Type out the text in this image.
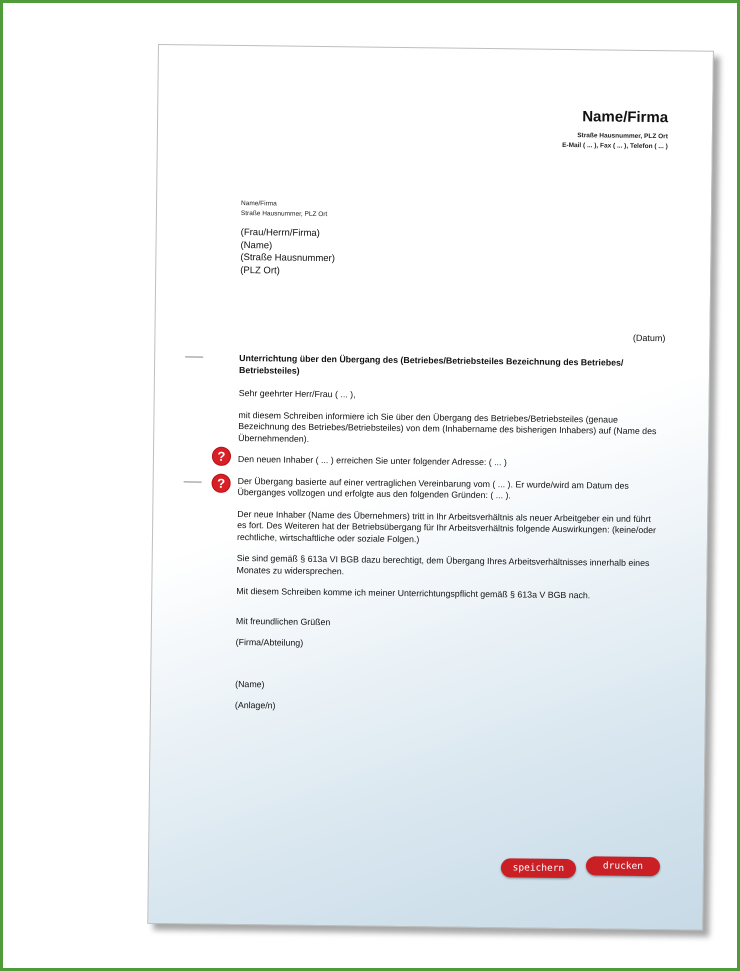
Name/Firma
Straße Hausnummer, PLZ Ort
E-Mail ( ... ), Fax ( ... ), Telefon ( ... )
Name/Firma
Straße Hausnummer, PLZ Ort
(Frau/Herrn/Firma)
(Name)
(Straße Hausnummer)
(PLZ Ort)
(Datum)
?
?
Unterrichtung über den Übergang des (Betriebes/Betriebsteiles Bezeichnung des Betriebes/ Betriebsteiles)
Sehr geehrter Herr/Frau ( ... ),
mit diesem Schreiben informiere ich Sie über den Übergang des Betriebes/Betriebsteiles (genaue Bezeichnung des Betriebes/Betriebsteiles) von dem (Inhabername des bisherigen Inhabers) auf (Name des Übernehmenden).
Den neuen Inhaber ( ... ) erreichen Sie unter folgender Adresse: ( ... )
Der Übergang basierte auf einer vertraglichen Vereinbarung vom ( ... ). Er wurde/wird am Datum des Überganges vollzogen und erfolgte aus den folgenden Gründen: ( ... ).
Der neue Inhaber (Name des Übernehmers) tritt in Ihr Arbeitsverhältnis als neuer Arbeitgeber ein und führt es fort. Des Weiteren hat der Betriebsübergang für Ihr Arbeitsverhältnis folgende Auswirkungen: (keine/oder rechtliche, wirtschaftliche oder soziale Folgen.)
Sie sind gemäß § 613a VI BGB dazu berechtigt, dem Übergang Ihres Arbeitsverhältnisses innerhalb eines Monates zu widersprechen.
Mit diesem Schreiben komme ich meiner Unterrichtungspflicht gemäß § 613a V BGB nach.
Mit freundlichen Grüßen
(Firma/Abteilung)
(Name)
(Anlage/n)
speichern	drucken
